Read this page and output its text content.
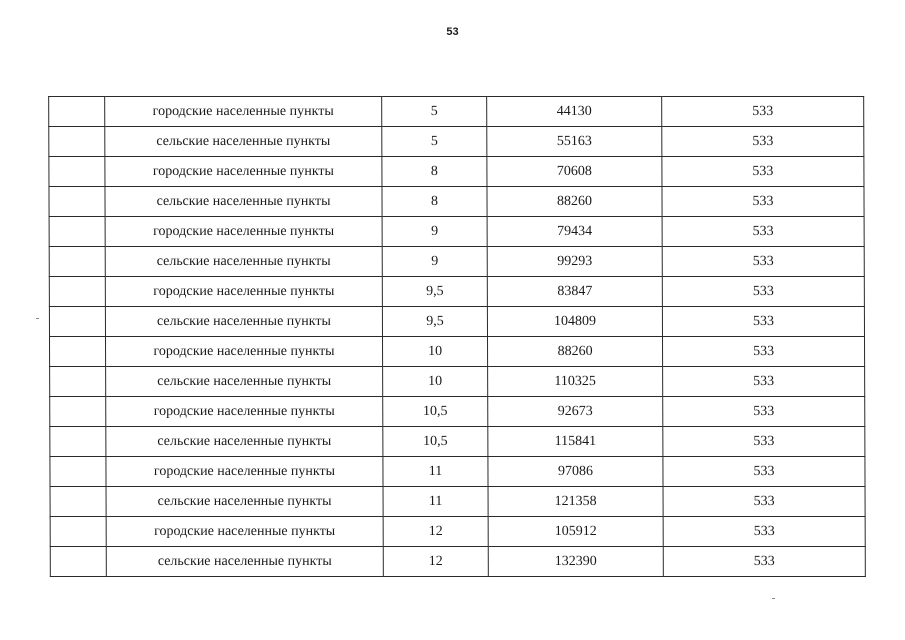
53
	городские населенные пункты	5	44130	533
	сельские населенные пункты	5	55163	533
	городские населенные пункты	8	70608	533
	сельские населенные пункты	8	88260	533
	городские населенные пункты	9	79434	533
	сельские населенные пункты	9	99293	533
	городские населенные пункты	9,5	83847	533
	сельские населенные пункты	9,5	104809	533
	городские населенные пункты	10	88260	533
	сельские населенные пункты	10	110325	533
	городские населенные пункты	10,5	92673	533
	сельские населенные пункты	10,5	115841	533
	городские населенные пункты	11	97086	533
	сельские населенные пункты	11	121358	533
	городские населенные пункты	12	105912	533
	сельские населенные пункты	12	132390	533
